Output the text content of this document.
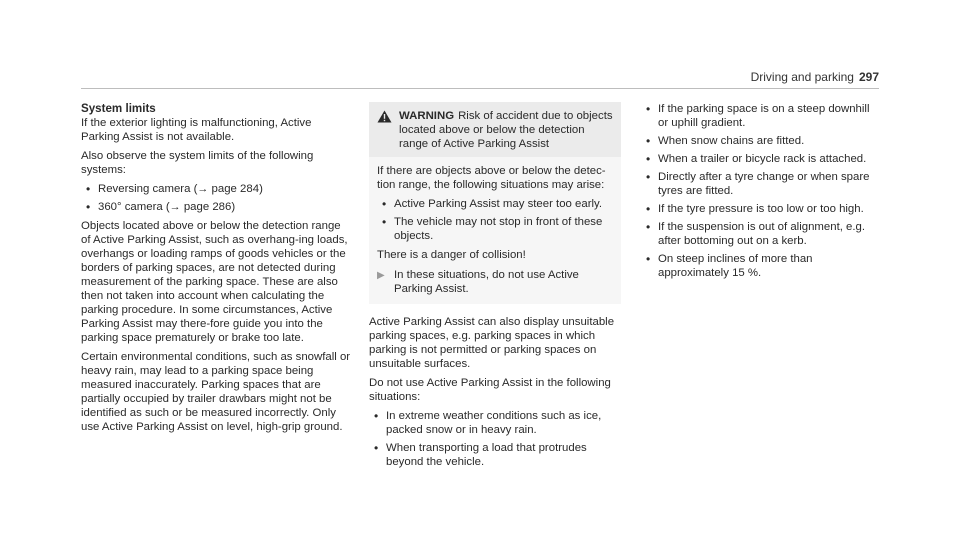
Driving and parking 297
System limits

If the exterior lighting is malfunctioning, Active Parking Assist is not available.

Also observe the system limits of the following systems:

• Reversing camera (→ page 284)
• 360° camera (→ page 286)

Objects located above or below the detection range of Active Parking Assist, such as overhang-ing loads, overhangs or loading ramps of goods vehicles or the borders of parking spaces, are not detected during measurement of the parking space. These are also then not taken into account when calculating the parking procedure. In some circumstances, Active Parking Assist may there-fore guide you into the parking space prematurely or brake too late.

Certain environmental conditions, such as snowfall or heavy rain, may lead to a parking space being measured inaccurately. Parking spaces that are partially occupied by trailer drawbars might not be identified as such or be measured incorrectly. Only use Active Parking Assist on level, high-grip ground.

WARNING Risk of accident due to objects located above or below the detection range of Active Parking Assist

If there are objects above or below the detec-tion range, the following situations may arise:

• Active Parking Assist may steer too early.
• The vehicle may not stop in front of these objects.

There is a danger of collision!

▶ In these situations, do not use Active Parking Assist.

Active Parking Assist can also display unsuitable parking spaces, e.g. parking spaces in which parking is not permitted or parking spaces on unsuitable surfaces.

Do not use Active Parking Assist in the following situations:

• In extreme weather conditions such as ice, packed snow or in heavy rain.
• When transporting a load that protrudes beyond the vehicle.
• If the parking space is on a steep downhill or uphill gradient.
• When snow chains are fitted.
• When a trailer or bicycle rack is attached.
• Directly after a tyre change or when spare tyres are fitted.
• If the tyre pressure is too low or too high.
• If the suspension is out of alignment, e.g. after bottoming out on a kerb.
• On steep inclines of more than approximately 15 %.
